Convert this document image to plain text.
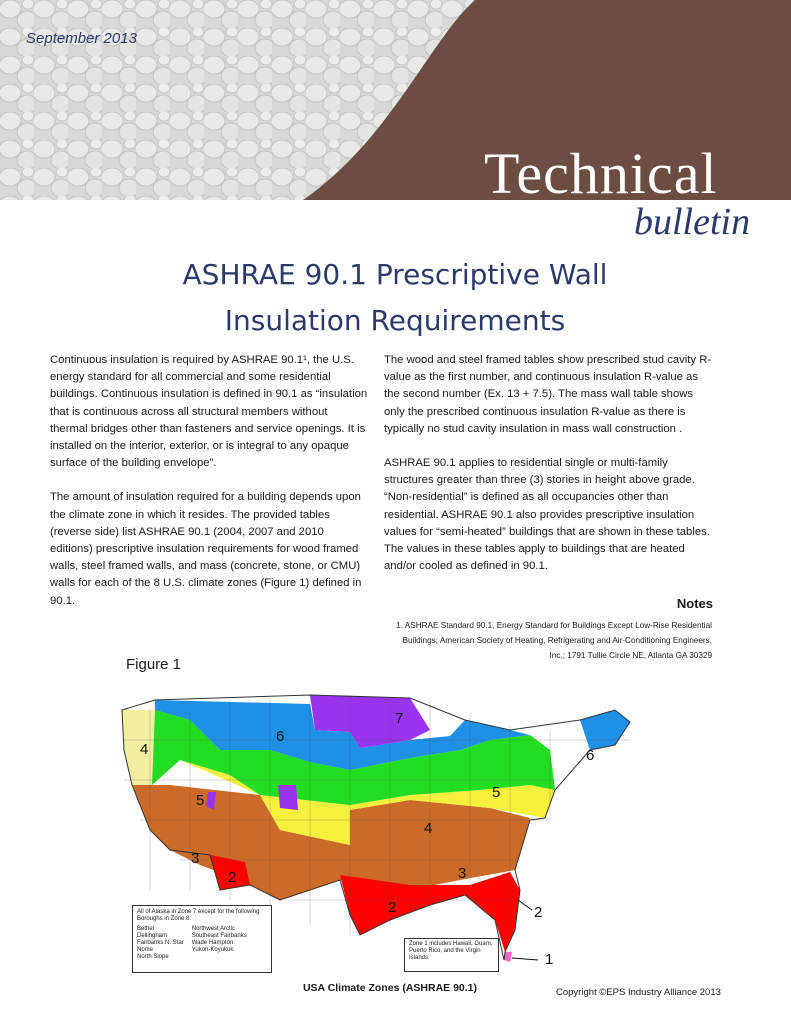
September 2013
Technical
bulletin
ASHRAE 90.1 Prescriptive Wall
Insulation Requirements

Continuous insulation is required by ASHRAE 90.1¹, the U.S. energy standard for all commercial and some residential buildings. Continuous insulation is defined in 90.1 as “insulation that is continuous across all structural members without thermal bridges other than fasteners and service openings. It is installed on the interior, exterior, or is integral to any opaque surface of the building envelope”.

The amount of insulation required for a building depends upon the climate zone in which it resides. The provided tables (reverse side) list ASHRAE 90.1 (2004, 2007 and 2010 editions) prescriptive insulation requirements for wood framed walls, steel framed walls, and mass (concrete, stone, or CMU) walls for each of the 8 U.S. climate zones (Figure 1) defined in 90.1.

The wood and steel framed tables show prescribed stud cavity R-value as the first number, and continuous insulation R-value as the second number (Ex. 13 + 7.5). The mass wall table shows only the prescribed continuous insulation R-value as there is typically no stud cavity insulation in mass wall construction .

ASHRAE 90.1 applies to residential single or multi-family structures greater than three (3) stories in height above grade. “Non-residential” is defined as all occupancies other than residential. ASHRAE 90.1 also provides prescriptive insulation values for “semi-heated” buildings that are shown in these tables. The values in these tables apply to buildings that are heated and/or cooled as defined in 90.1.

Notes
1. ASHRAE Standard 90.1, Energy Standard for Buildings Except Low-Rise Residential Buildings; American Society of Heating, Refrigerating and Air-Conditioning Engineers, Inc.; 1791 Tullie Circle NE, Atlanta GA 30329
Figure 1
1
2
2
2
3
3
4
4
5	5
6
6
7
All of Alaska in Zone 7 except for the following Boroughs in Zone 8:
Bethel
Dellingham
Fairbanks N. Star
Nome
North Slope
Northwest Arctic
Southeast Fairbanks
Wade Hampton
Yukon-Koyukuk
Zone 1 includes Hawaii, Guam, Puerto Rico, and the Virgin Islands
USA Climate Zones (ASHRAE 90.1)	Copyright ©EPS Industry Alliance 2013
